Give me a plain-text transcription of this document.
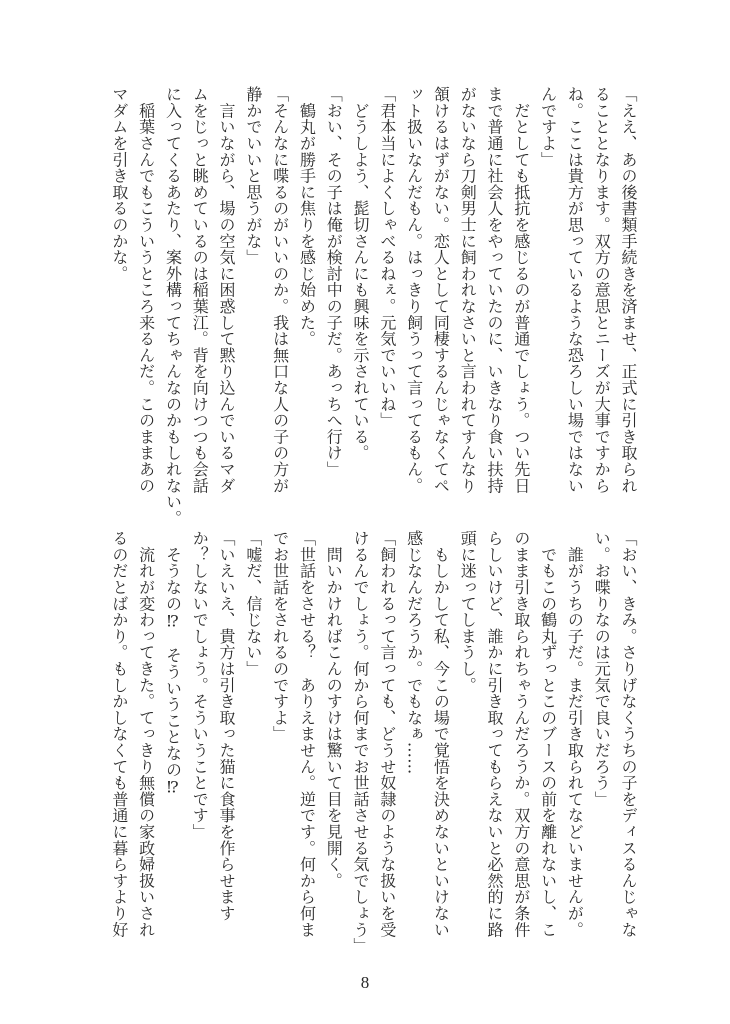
「ええ、あの後書類手続きを済ませ、正式に引き取られ
ることとなります。双方の意思とニーズが大事ですから
ね。ここは貴方が思っているような恐ろしい場ではない
んですよ」
　だとしても抵抗を感じるのが普通でしょう。つい先日
まで普通に社会人をやっていたのに、いきなり食い扶持
がないなら刀剣男士に飼われなさいと言われてすんなり
頷けるはずがない。恋人として同棲するんじゃなくてペ
ット扱いなんだもん。はっきり飼うって言ってるもん。
「君本当によくしゃべるねぇ。元気でいいね」
　どうしよう、髭切さんにも興味を示されている。
「おい、その子は俺が検討中の子だ。あっちへ行け」
　鶴丸が勝手に焦りを感じ始めた。
「そんなに喋るのがいいのか。我は無口な人の子の方が
静かでいいと思うがな」
　言いながら、場の空気に困惑して黙り込んでいるマダ
ムをじっと眺めているのは稲葉江。背を向けつつも会話
に入ってくるあたり、案外構ってちゃんなのかもしれない。
　稲葉さんでもこういうところ来るんだ。このままあの
マダムを引き取るのかな。
「おい、きみ。さりげなくうちの子をディスるんじゃな
い。お喋りなのは元気で良いだろう」
　誰がうちの子だ。まだ引き取られてなどいませんが。
　でもこの鶴丸ずっとこのブースの前を離れないし、こ
のまま引き取られちゃうんだろうか。双方の意思が条件
らしいけど、誰かに引き取ってもらえないと必然的に路
頭に迷ってしまうし。
　もしかして私、今この場で覚悟を決めないといけない
感じなんだろうか。でもなぁ……
「飼われるって言っても、どうせ奴隷のような扱いを受
けるんでしょう。何から何までお世話させる気でしょう」
　問いかければこんのすけは驚いて目を見開く。
「世話をさせる？　ありえません。逆です。何から何ま
でお世話をされるのですよ」
「嘘だ、信じない」
「いえいえ、貴方は引き取った猫に食事を作らせます
か？しないでしょう。そういうことです」
　そうなの⁉　そういうことなの⁉
　流れが変わってきた。てっきり無償の家政婦扱いされ
るのだとばかり。もしかしなくても普通に暮らすより好
8
